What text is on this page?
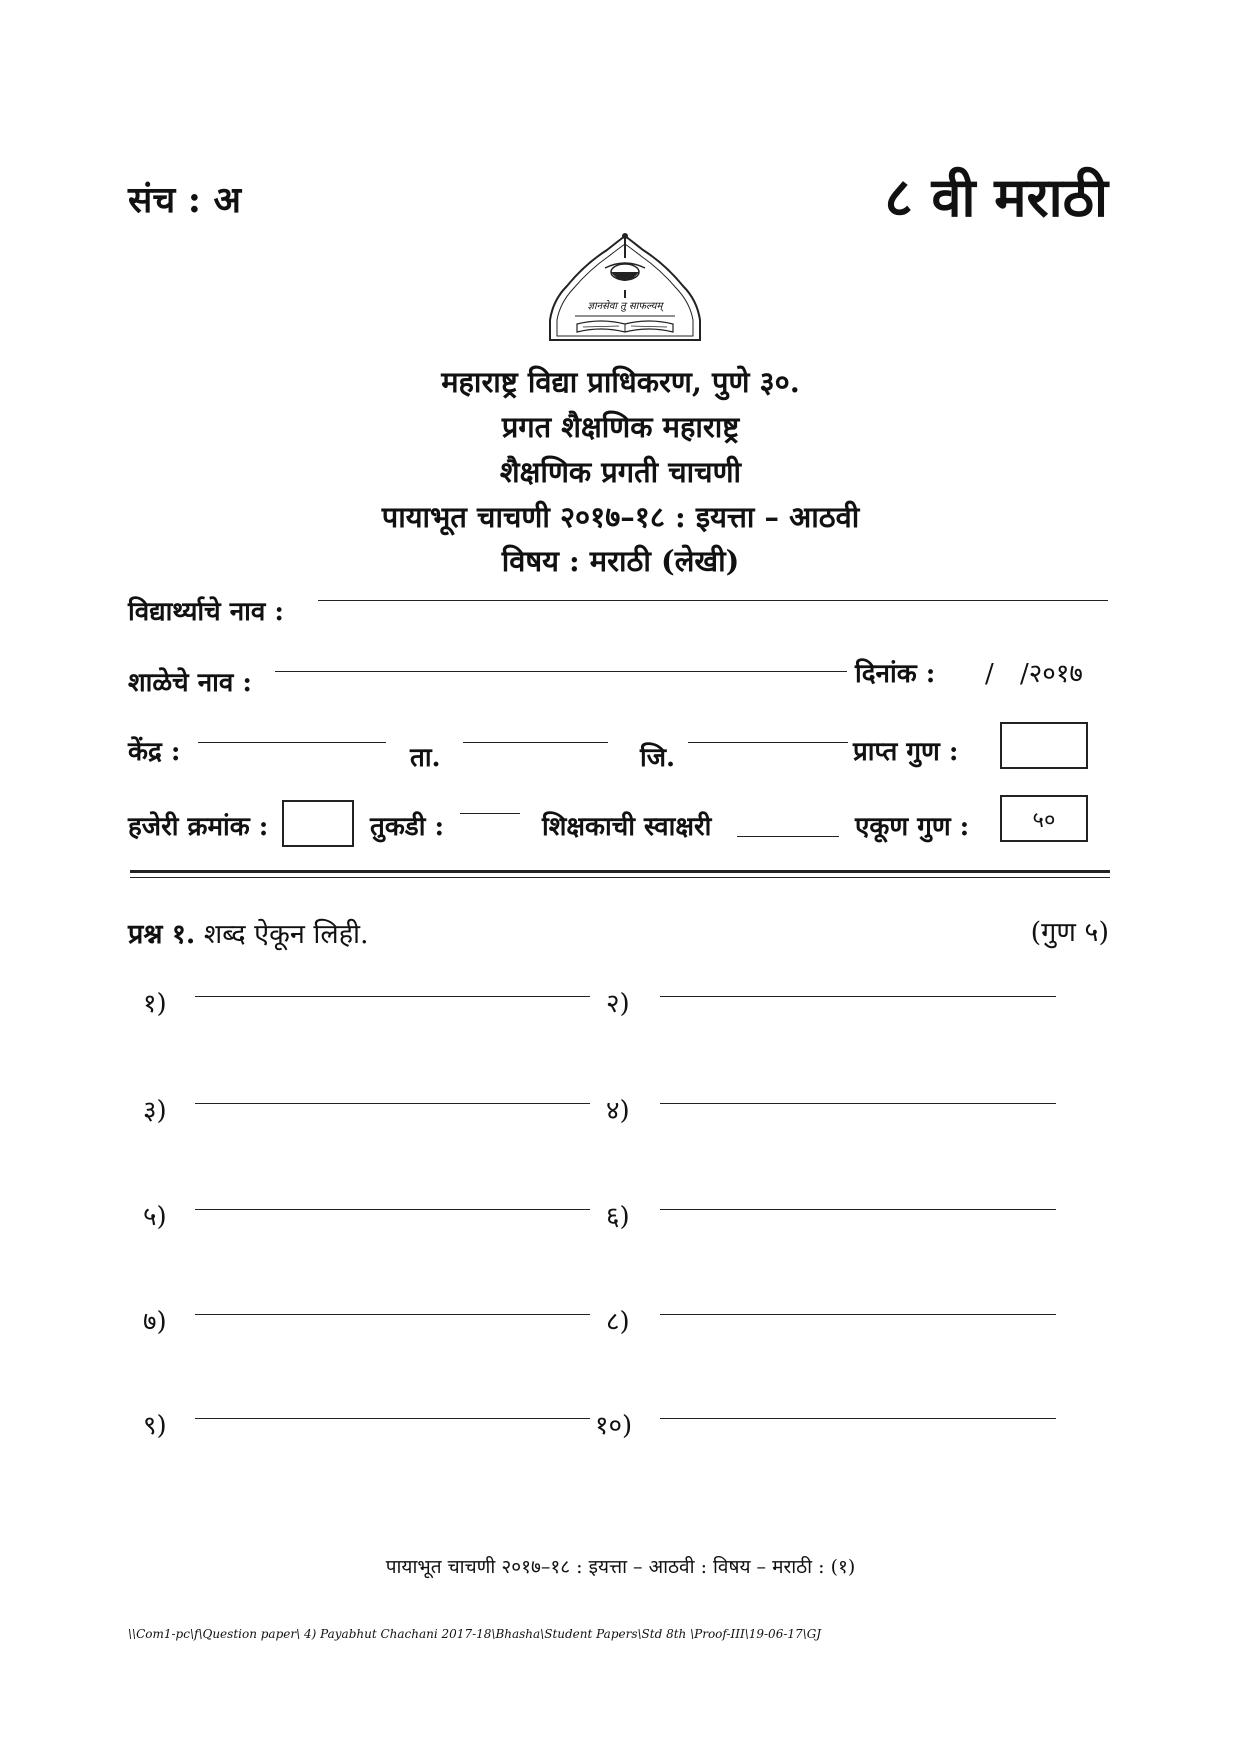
संच : अ	८ वी मराठी
ज्ञानसेवा तु साफल्यम्
महाराष्ट्र विद्या प्राधिकरण, पुणे ३०.
प्रगत शैक्षणिक महाराष्ट्र
शैक्षणिक प्रगती चाचणी
पायाभूत चाचणी २०१७–१८ : इयत्ता – आठवी
विषय : मराठी (लेखी)
विद्यार्थ्याचे नाव :
शाळेचे नाव :	दिनांक : / /२०१७
केंद्र :	ता.	जि.	प्राप्त गुण :
हजेरी क्रमांक :	तुकडी :	शिक्षकाची स्वाक्षरी	एकूण गुण :	५०
प्रश्न १. शब्द ऐकून लिही.	(गुण ५)
१)	२)
३)	४)
५)	६)
७)	८)
९)	१०)
पायाभूत चाचणी २०१७–१८ : इयत्ता – आठवी : विषय – मराठी : (१)
\\Com1-pc\f\Question paper\ 4) Payabhut Chachani 2017-18\Bhasha\Student Papers\Std 8th \Proof-III\19-06-17\GJ
